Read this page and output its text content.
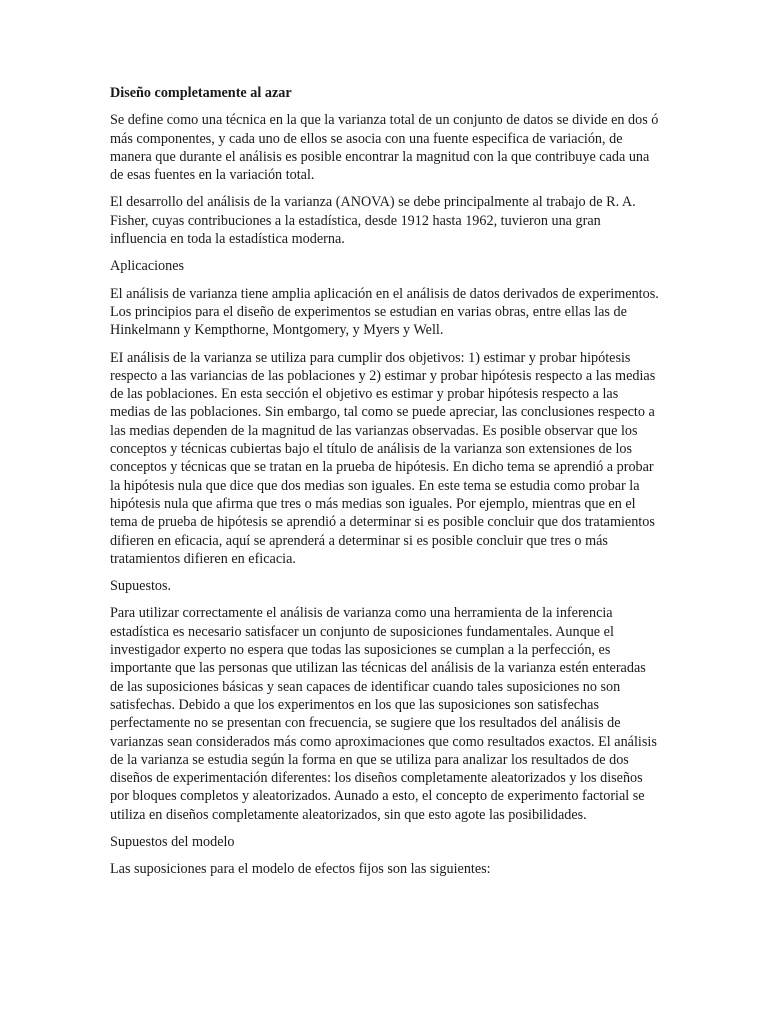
Diseño completamente al azar

Se define como una técnica en la que la varianza total de un conjunto de datos se divide en dos ó más componentes, y cada uno de ellos se asocia con una fuente especifica de variación, de manera que durante el análisis es posible encontrar la magnitud con la que contribuye cada una de esas fuentes en la variación total.

El desarrollo del análisis de la varianza (ANOVA) se debe principalmente al trabajo de R. A. Fisher, cuyas contribuciones a la estadística, desde 1912 hasta 1962, tuvieron una gran influencia en toda la estadística moderna.

Aplicaciones

El análisis de varianza tiene amplia aplicación en el análisis de datos derivados de experimentos. Los principios para el diseño de experimentos se estudian en varias obras, entre ellas las de Hinkelmann y Kempthorne, Montgomery, y Myers y Well.

EI análisis de la varianza se utiliza para cumplir dos objetivos: 1) estimar y probar hipótesis respecto a las variancias de las poblaciones y 2) estimar y probar hipótesis respecto a las medias de las poblaciones. En esta sección el objetivo es estimar y probar hipótesis respecto a las medias de las poblaciones. Sin embargo, tal como se puede apreciar, las conclusiones respecto a las medias dependen de la magnitud de las varianzas observadas. Es posible observar que los conceptos y técnicas cubiertas bajo el título de análisis de la varianza son extensiones de los conceptos y técnicas que se tratan en la prueba de hipótesis. En dicho tema se aprendió a probar la hipótesis nula que dice que dos medias son iguales. En este tema se estudia como probar la hipótesis nula que afirma que tres o más medias son iguales. Por ejemplo, mientras que en el tema de prueba de hipótesis se aprendió a determinar si es posible concluir que dos tratamientos difieren en eficacia, aquí se aprenderá a determinar si es posible concluir que tres o más tratamientos difieren en eficacia.

Supuestos.

Para utilizar correctamente el análisis de varianza como una herramienta de la inferencia estadística es necesario satisfacer un conjunto de suposiciones fundamentales. Aunque el investigador experto no espera que todas las suposiciones se cumplan a la perfección, es importante que las personas que utilizan las técnicas del análisis de la varianza estén enteradas de las suposiciones básicas y sean capaces de identificar cuando tales suposiciones no son satisfechas. Debido a que los experimentos en los que las suposiciones son satisfechas perfectamente no se presentan con frecuencia, se sugiere que los resultados del análisis de varianzas sean considerados más como aproximaciones que como resultados exactos. El análisis de la varianza se estudia según la forma en que se utiliza para analizar los resultados de dos diseños de experimentación diferentes: los diseños completamente aleatorizados y los diseños por bloques completos y aleatorizados. Aunado a esto, el concepto de experimento factorial se utiliza en diseños completamente aleatorizados, sin que esto agote las posibilidades.

Supuestos del modelo

Las suposiciones para el modelo de efectos fijos son las siguientes:
